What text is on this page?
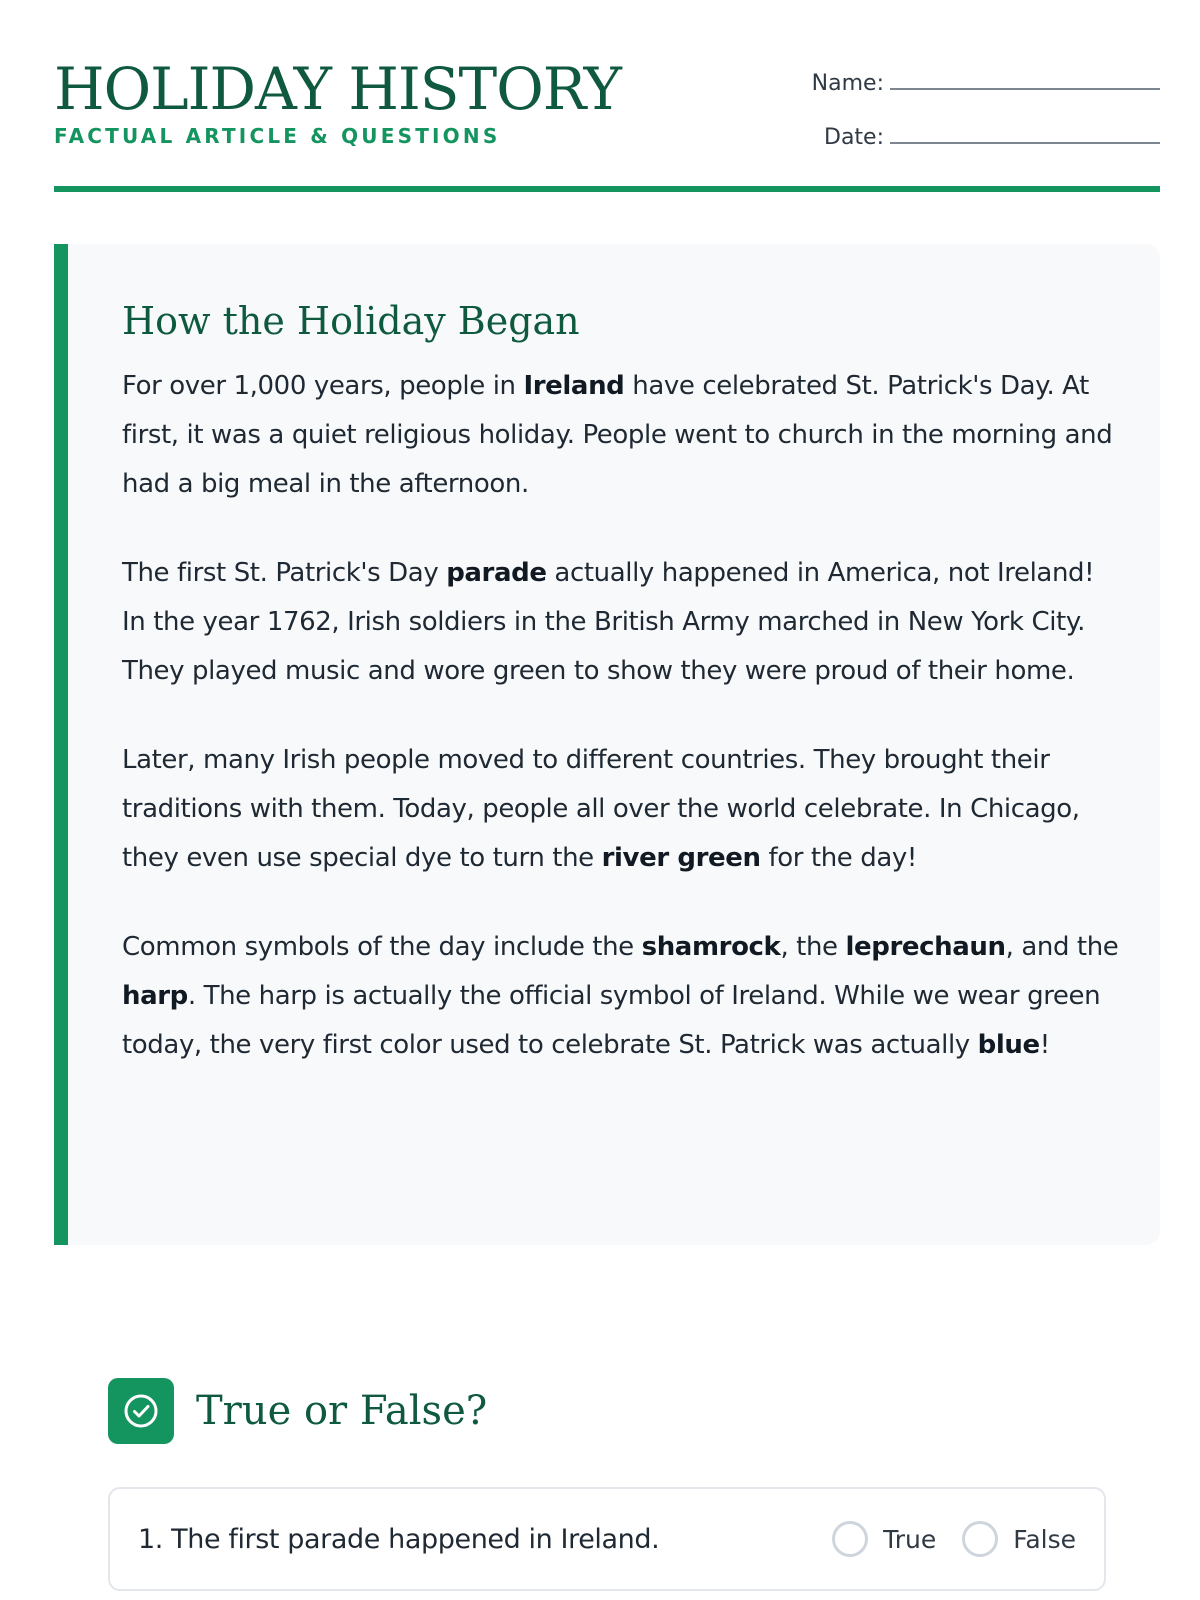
HOLIDAY HISTORY
FACTUAL ARTICLE & QUESTIONS
Name:
Date:
How the Holiday Began

For over 1,000 years, people in Ireland have celebrated St. Patrick's Day. At first, it was a quiet religious holiday. People went to church in the morning and had a big meal in the afternoon.

The first St. Patrick's Day parade actually happened in America, not Ireland! In the year 1762, Irish soldiers in the British Army marched in New York City. They played music and wore green to show they were proud of their home.

Later, many Irish people moved to different countries. They brought their traditions with them. Today, people all over the world celebrate. In Chicago, they even use special dye to turn the river green for the day!

Common symbols of the day include the shamrock, the leprechaun, and the harp. The harp is actually the official symbol of Ireland. While we wear green today, the very first color used to celebrate St. Patrick was actually blue!

True or False?
1. The first parade happened in Ireland.	True	False
